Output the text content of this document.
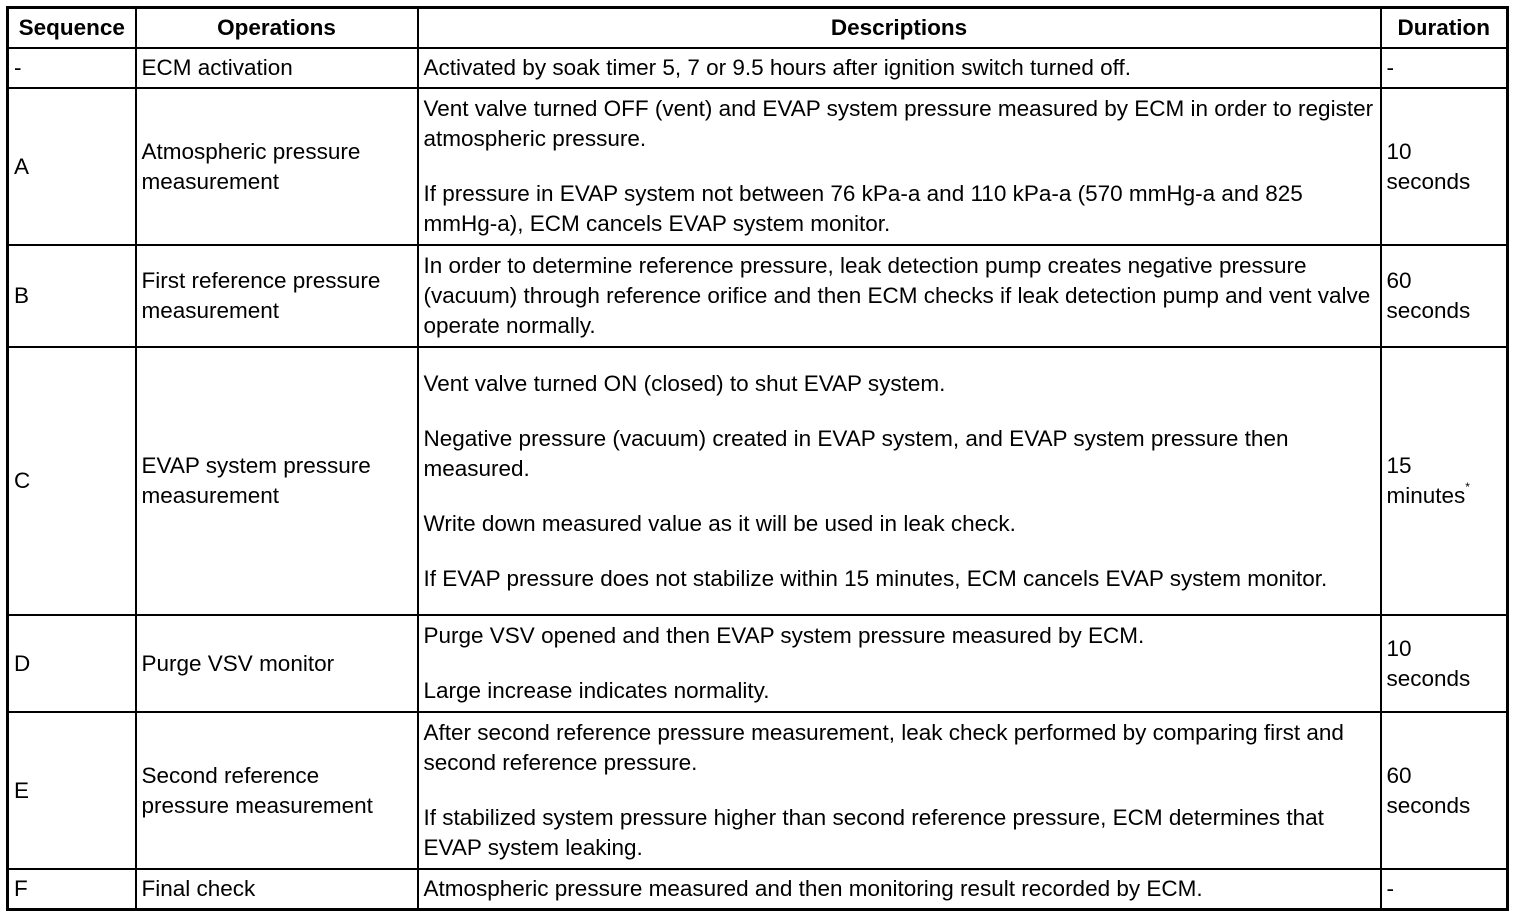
Sequence	Operations	Descriptions	Duration
-	ECM activation	Activated by soak timer 5, 7 or 9.5 hours after ignition switch turned off.	-
A	Atmospheric pressure measurement	Vent valve turned OFF (vent) and EVAP system pressure measured by ECM in order to register atmospheric pressure.

If pressure in EVAP system not between 76 kPa-a and 110 kPa-a (570 mmHg-a and 825 mmHg-a), ECM cancels EVAP system monitor.	10 seconds
B	First reference pressure measurement	In order to determine reference pressure, leak detection pump creates negative pressure (vacuum) through reference orifice and then ECM checks if leak detection pump and vent valve operate normally.	60 seconds
C	EVAP system pressure measurement	Vent valve turned ON (closed) to shut EVAP system.

Negative pressure (vacuum) created in EVAP system, and EVAP system pressure then measured.

Write down measured value as it will be used in leak check.

If EVAP pressure does not stabilize within 15 minutes, ECM cancels EVAP system monitor.	15 minutes*
D	Purge VSV monitor	Purge VSV opened and then EVAP system pressure measured by ECM.

Large increase indicates normality.	10 seconds
E	Second reference pressure measurement	After second reference pressure measurement, leak check performed by comparing first and second reference pressure.

If stabilized system pressure higher than second reference pressure, ECM determines that EVAP system leaking.	60 seconds
F	Final check	Atmospheric pressure measured and then monitoring result recorded by ECM.	-
